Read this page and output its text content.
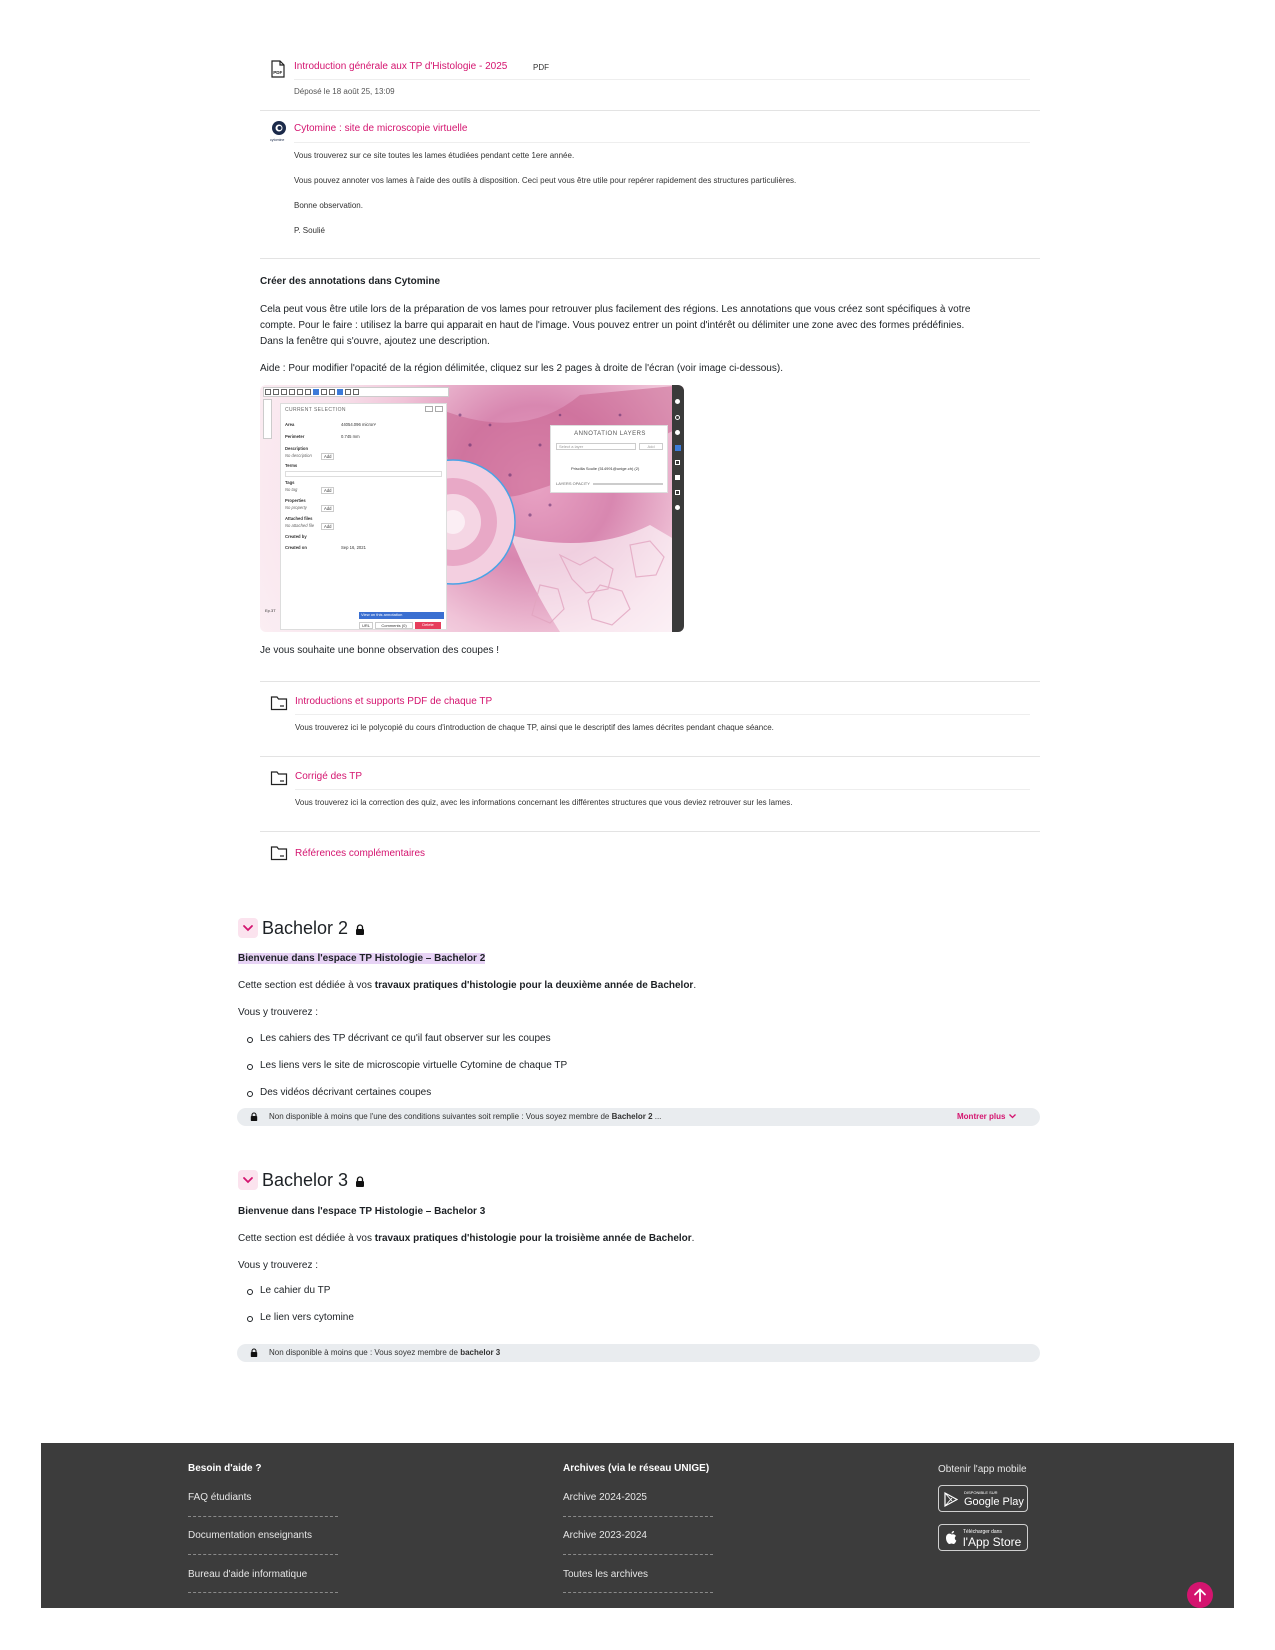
PDF
Introduction générale aux TP d'Histologie - 2025	PDF
Déposé le 18 août 25, 13:09
cytomine
Cytomine : site de microscopie virtuelle
Vous trouverez sur ce site toutes les lames étudiées pendant cette 1ere année.
Vous pouvez annoter vos lames à l'aide des outils à disposition. Ceci peut vous être utile pour repérer rapidement des structures particulières.
Bonne observation.
P. Soulié
Créer des annotations dans Cytomine
Cela peut vous être utile lors de la préparation de vos lames pour retrouver plus facilement des régions. Les annotations que vous créez sont spécifiques à votre
compte. Pour le faire : utilisez la barre qui apparait en haut de l'image. Vous pouvez entrer un point d'intérêt ou délimiter une zone avec des formes prédéfinies.
Dans la fenêtre qui s'ouvre, ajoutez une description.
Aide : Pour modifier l'opacité de la région délimitée, cliquez sur les 2 pages à droite de l'écran (voir image ci-dessous).
CURRENT SELECTION
Area	44054.096 micron²
Perimeter	0.745 mm
Description
No description	Add
Terms
Tags
No tag	Add
Properties
No property	Add
Attached files
No attached file	Add
Created by
Created on	Sep 16, 2021
View on this annotation
URL	Comments (0)	Delete
Ep.3T
ANNOTATION LAYERS
Select a layer	Add
Priscilla Soulie (514991@unige.ch) (2)
LAYERS OPACITY
Je vous souhaite une bonne observation des coupes !
Introductions et supports PDF de chaque TP
Vous trouverez ici le polycopié du cours d'introduction de chaque TP, ainsi que le descriptif des lames décrites pendant chaque séance.
Corrigé des TP
Vous trouverez ici la correction des quiz, avec les informations concernant les différentes structures que vous deviez retrouver sur les lames.
Références complémentaires
Bachelor 2
Bienvenue dans l'espace TP Histologie – Bachelor 2
Cette section est dédiée à vos travaux pratiques d'histologie pour la deuxième année de Bachelor.
Vous y trouverez :
Les cahiers des TP décrivant ce qu'il faut observer sur les coupes
Les liens vers le site de microscopie virtuelle Cytomine de chaque TP
Des vidéos décrivant certaines coupes
Non disponible à moins que l'une des conditions suivantes soit remplie : Vous soyez membre de Bachelor 2 ...	Montrer plus
Bachelor 3
Bienvenue dans l'espace TP Histologie – Bachelor 3
Cette section est dédiée à vos travaux pratiques d'histologie pour la troisième année de Bachelor.
Vous y trouverez :
Le cahier du TP
Le lien vers cytomine
Non disponible à moins que : Vous soyez membre de bachelor 3
Besoin d'aide ?
FAQ étudiants
Documentation enseignants
Bureau d'aide informatique
Archives (via le réseau UNIGE)
Archive 2024-2025
Archive 2023-2024
Toutes les archives
Obtenir l'app mobile
DISPONIBLE SUR
Google Play
Télécharger dans
l'App Store
